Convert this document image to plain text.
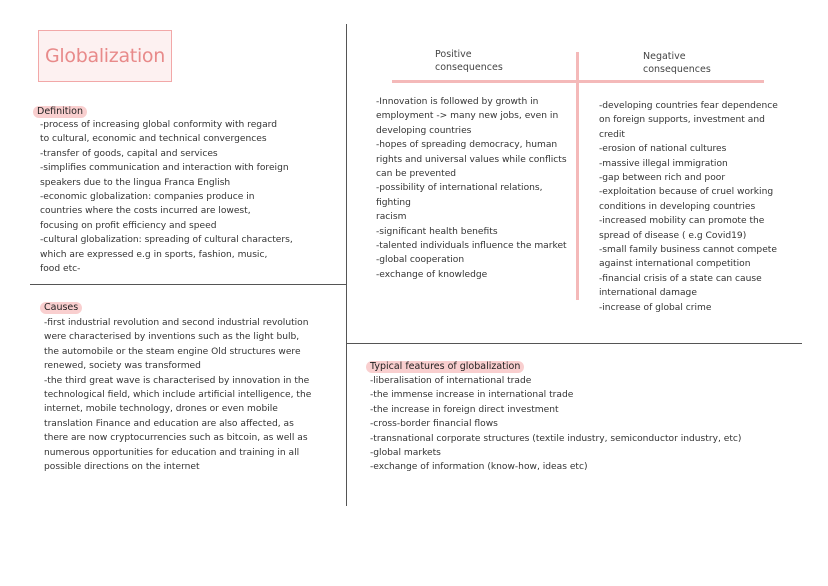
Globalization
Definition
-process of increasing global conformity with regard
to cultural, economic and technical convergences
-transfer of goods, capital and services
-simplifies communication and interaction with foreign
speakers due to the lingua Franca English
-economic globalization: companies produce in
countries where the costs incurred are lowest,
focusing on profit efficiency and speed
-cultural globalization: spreading of cultural characters,
which are expressed e.g in sports, fashion, music,
food etc-
Causes
-first industrial revolution and second industrial revolution
were characterised by inventions such as the light bulb,
the automobile or the steam engine Old structures were
renewed, society was transformed
-the third great wave is characterised by innovation in the
technological field, which include artificial intelligence, the
internet, mobile technology, drones or even mobile
translation Finance and education are also affected, as
there are now cryptocurrencies such as bitcoin, as well as
numerous opportunities for education and training in all
possible directions on the internet
Positive
consequences
-Innovation is followed by growth in
employment -> many new jobs, even in
developing countries
-hopes of spreading democracy, human
rights and universal values while conflicts
can be prevented
-possibility of international relations, fighting
racism
-significant health benefits
-talented individuals influence the market
-global cooperation
-exchange of knowledge
Negative
consequences
-developing countries fear dependence
on foreign supports, investment and
credit
-erosion of national cultures
-massive illegal immigration
-gap between rich and poor
-exploitation because of cruel working
conditions in developing countries
-increased mobility can promote the
spread of disease ( e.g Covid19)
-small family business cannot compete
against international competition
-financial crisis of a state can cause
international damage
-increase of global crime
Typical features of globalization
-liberalisation of international trade
-the immense increase in international trade
-the increase in foreign direct investment
-cross-border financial flows
-transnational corporate structures (textile industry, semiconductor industry, etc)
-global markets
-exchange of information (know-how, ideas etc)
